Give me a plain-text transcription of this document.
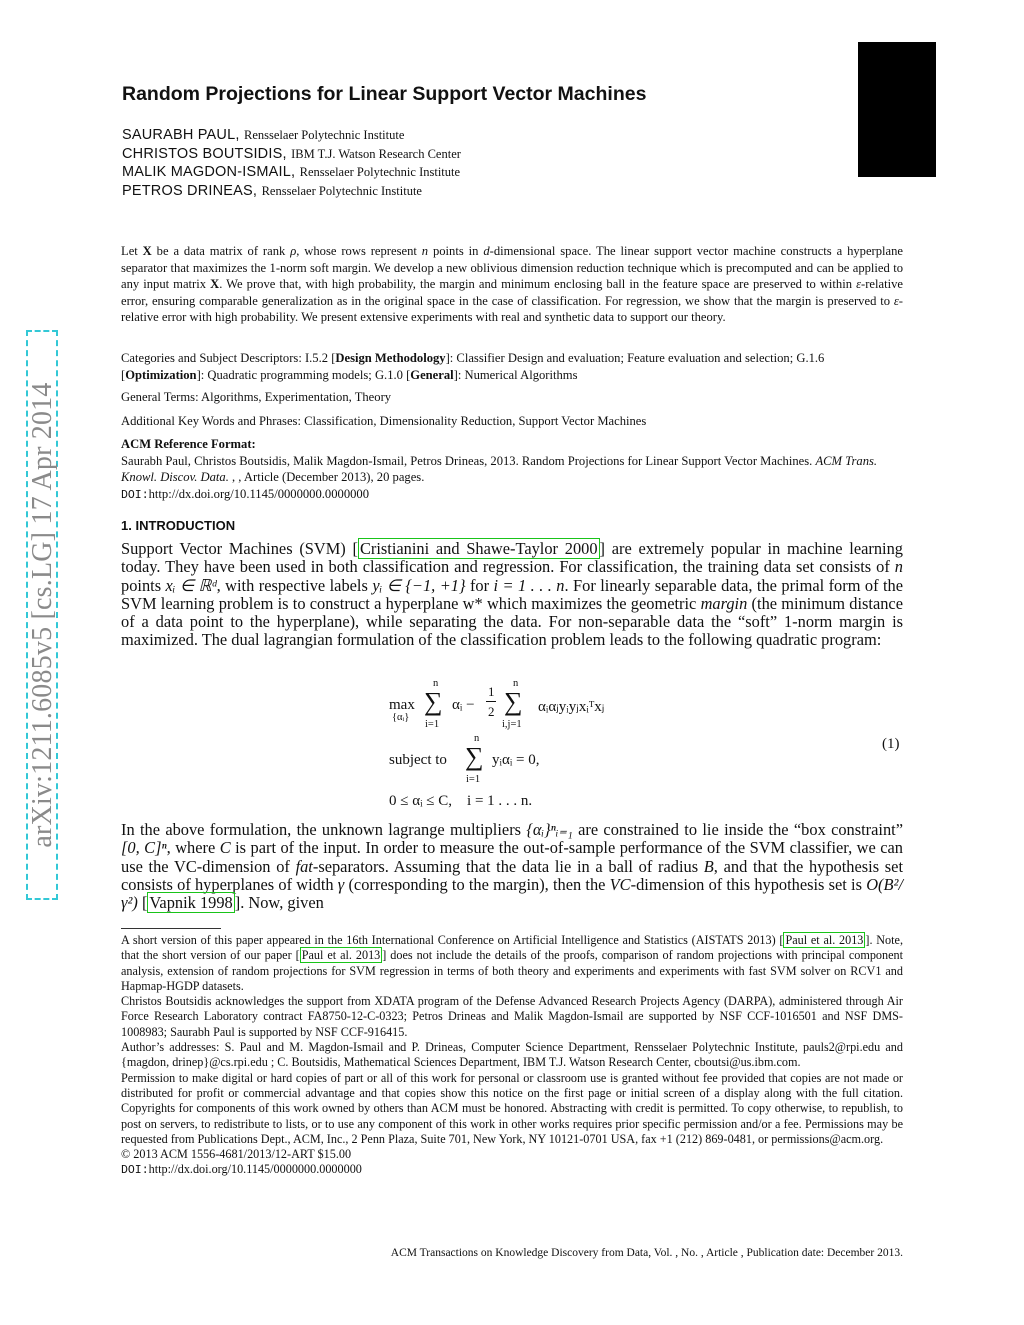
arXiv:1211.6085v5 [cs.LG] 17 Apr 2014
Random Projections for Linear Support Vector Machines
SAURABH PAUL, Rensselaer Polytechnic Institute
CHRISTOS BOUTSIDIS, IBM T.J. Watson Research Center
MALIK MAGDON-ISMAIL, Rensselaer Polytechnic Institute
PETROS DRINEAS, Rensselaer Polytechnic Institute
Let X be a data matrix of rank ρ, whose rows represent n points in d-dimensional space. The linear support vector machine constructs a hyperplane separator that maximizes the 1-norm soft margin. We develop a new oblivious dimension reduction technique which is precomputed and can be applied to any input matrix X. We prove that, with high probability, the margin and minimum enclosing ball in the feature space are preserved to within ε-relative error, ensuring comparable generalization as in the original space in the case of classification. For regression, we show that the margin is preserved to ε-relative error with high probability. We present extensive experiments with real and synthetic data to support our theory.
Categories and Subject Descriptors: I.5.2 [Design Methodology]: Classifier Design and evaluation; Feature evaluation and selection; G.1.6 [Optimization]: Quadratic programming models; G.1.0 [General]: Numerical Algorithms
General Terms: Algorithms, Experimentation, Theory
Additional Key Words and Phrases: Classification, Dimensionality Reduction, Support Vector Machines
ACM Reference Format:
Saurabh Paul, Christos Boutsidis, Malik Magdon-Ismail, Petros Drineas, 2013. Random Projections for Linear Support Vector Machines. ACM Trans. Knowl. Discov. Data. , , Article (December 2013), 20 pages.
DOI:http://dx.doi.org/10.1145/0000000.0000000
1. INTRODUCTION
Support Vector Machines (SVM) [ Cristianini and Shawe-Taylor 2000 ] are extremely popular in machine learning today. They have been used in both classification and regression. For classification, the training data set consists of n points xᵢ ∈ ℝᵈ, with respective labels yᵢ ∈ {−1, +1} for i = 1 . . . n. For linearly separable data, the primal form of the SVM learning problem is to construct a hyperplane w* which maximizes the geometric margin (the minimum distance of a data point to the hyperplane), while separating the data. For non-separable data the “soft” 1-norm margin is maximized. The dual lagrangian formulation of the classification problem leads to the following quadratic program:
max
{αᵢ}
n
∑
i=1
αᵢ −
1
2
n
∑
i,j=1
αᵢαⱼyᵢyⱼxᵢᵀxⱼ
subject to
n
∑
i=1
yᵢαᵢ = 0,
0 ≤ αᵢ ≤ C,    i = 1 . . . n.
(1)
In the above formulation, the unknown lagrange multipliers {αᵢ}ⁿᵢ₌₁ are constrained to lie inside the “box constraint” [0, C]ⁿ, where C is part of the input. In order to measure the out-of-sample performance of the SVM classifier, we can use the VC-dimension of fat-separators. Assuming that the data lie in a ball of radius B, and that the hypothesis set consists of hyperplanes of width γ (corresponding to the margin), then the VC-dimension of this hypothesis set is O(B²/γ²) [ Vapnik 1998 ]. Now, given

A short version of this paper appeared in the 16th International Conference on Artificial Intelligence and Statistics (AISTATS 2013) [ Paul et al. 2013 ]. Note, that the short version of our paper [ Paul et al. 2013 ] does not include the details of the proofs, comparison of random projections with principal component analysis, extension of random projections for SVM regression in terms of both theory and experiments and experiments with fast SVM solver on RCV1 and Hapmap-HGDP datasets.

Christos Boutsidis acknowledges the support from XDATA program of the Defense Advanced Research Projects Agency (DARPA), administered through Air Force Research Laboratory contract FA8750-12-C-0323; Petros Drineas and Malik Magdon-Ismail are supported by NSF CCF-1016501 and NSF DMS-1008983; Saurabh Paul is supported by NSF CCF-916415.

Author’s addresses: S. Paul and M. Magdon-Ismail and P. Drineas, Computer Science Department, Rensselaer Polytechnic Institute, pauls2@rpi.edu and {magdon, drinep}@cs.rpi.edu ; C. Boutsidis, Mathematical Sciences Department, IBM T.J. Watson Research Center, cboutsi@us.ibm.com.

Permission to make digital or hard copies of part or all of this work for personal or classroom use is granted without fee provided that copies are not made or distributed for profit or commercial advantage and that copies show this notice on the first page or initial screen of a display along with the full citation. Copyrights for components of this work owned by others than ACM must be honored. Abstracting with credit is permitted. To copy otherwise, to republish, to post on servers, to redistribute to lists, or to use any component of this work in other works requires prior specific permission and/or a fee. Permissions may be requested from Publications Dept., ACM, Inc., 2 Penn Plaza, Suite 701, New York, NY 10121-0701 USA, fax +1 (212) 869-0481, or permissions@acm.org.

© 2013 ACM 1556-4681/2013/12-ART $15.00

DOI:http://dx.doi.org/10.1145/0000000.0000000

ACM Transactions on Knowledge Discovery from Data, Vol. , No. , Article , Publication date: December 2013.
